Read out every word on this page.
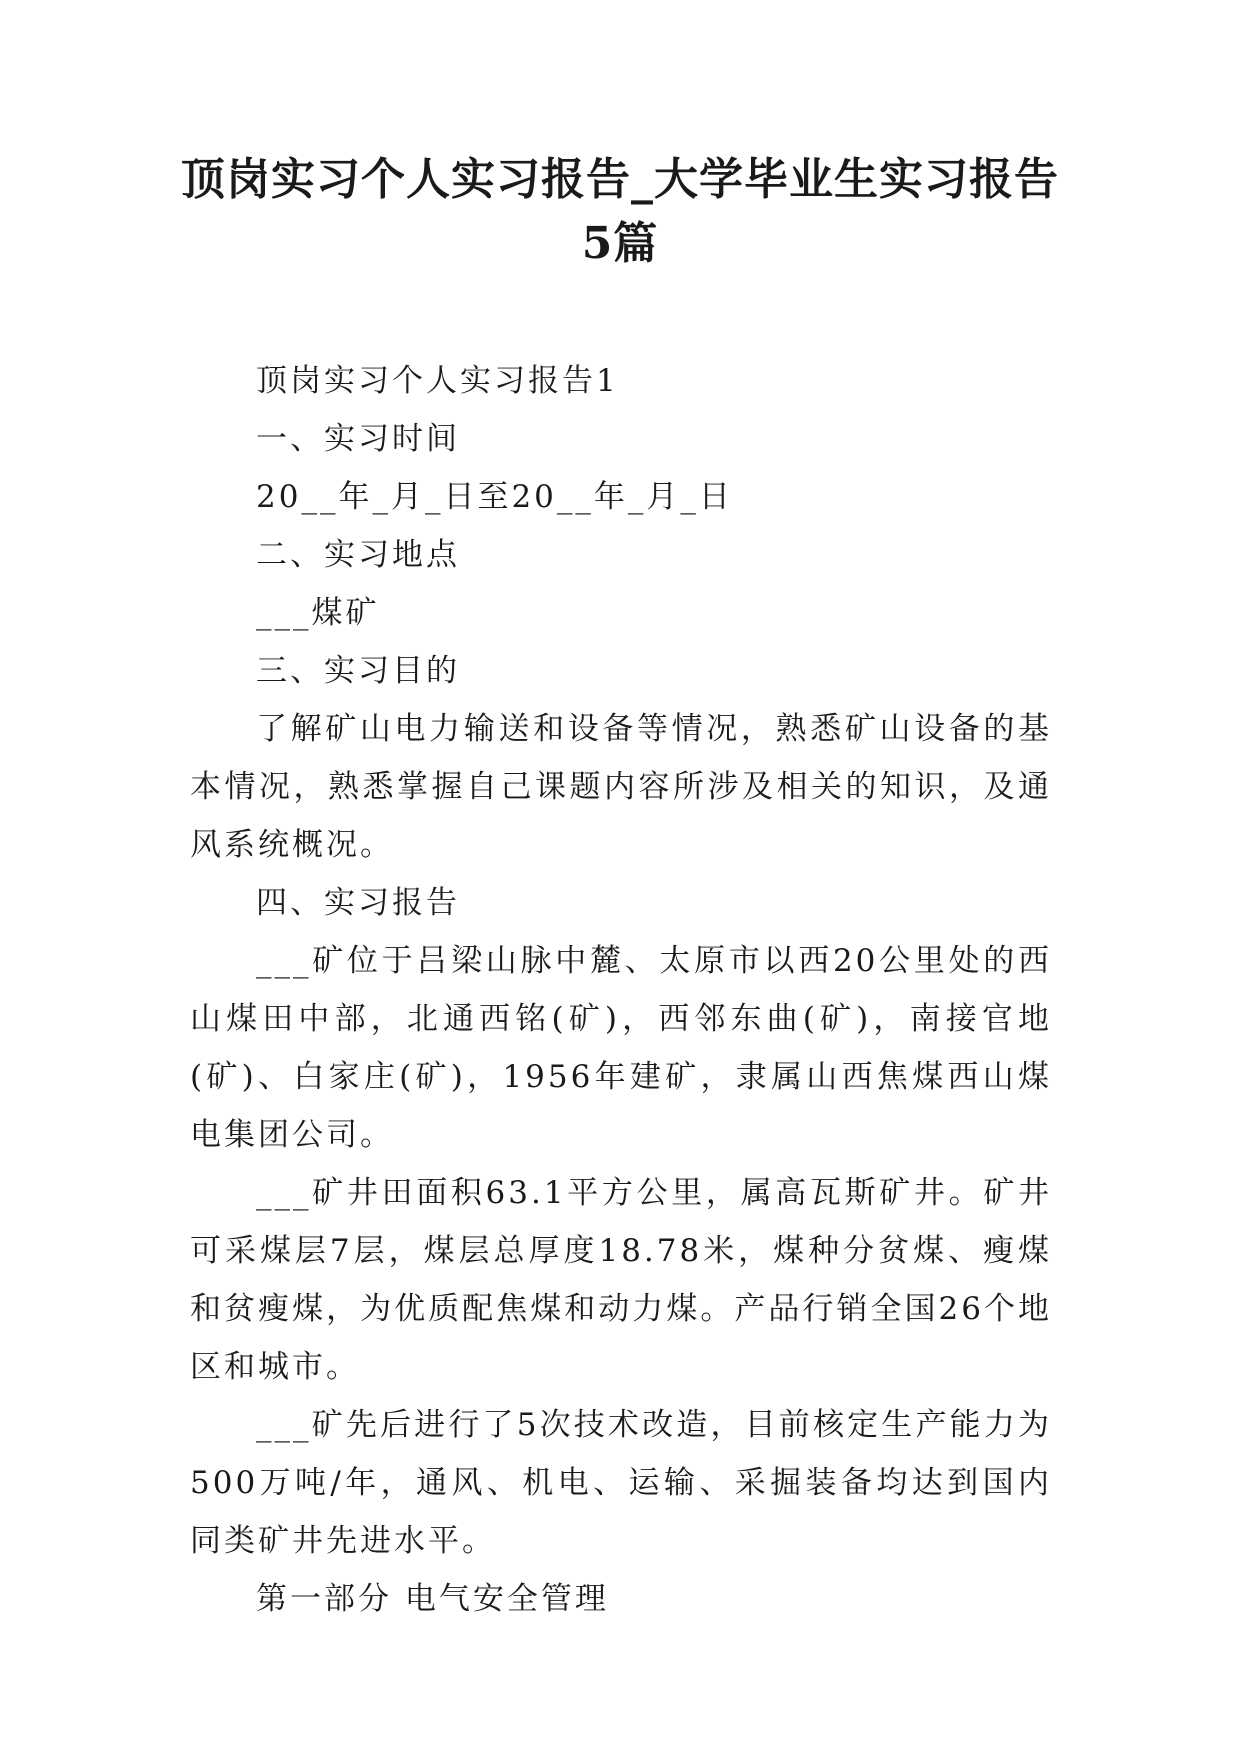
顶岗实习个人实习报告_大学毕业生实习报告5篇

顶岗实习个人实习报告1

一、实习时间

20__年_月_日至20__年_月_日

二、实习地点

___煤矿

三、实习目的

了解矿山电力输送和设备等情况，熟悉矿山设备的基本情况，熟悉掌握自己课题内容所涉及相关的知识，及通风系统概况。

四、实习报告

___矿位于吕梁山脉中麓、太原市以西20公里处的西山煤田中部，北通西铭(矿)，西邻东曲(矿)，南接官地(矿)、白家庄(矿)，1956年建矿，隶属山西焦煤西山煤电集团公司。

___矿井田面积63.1平方公里，属高瓦斯矿井。矿井可采煤层7层，煤层总厚度18.78米，煤种分贫煤、瘦煤和贫瘦煤，为优质配焦煤和动力煤。产品行销全国26个地区和城市。

___矿先后进行了5次技术改造，目前核定生产能力为500万吨/年，通风、机电、运输、采掘装备均达到国内同类矿井先进水平。

第一部分 电气安全管理
